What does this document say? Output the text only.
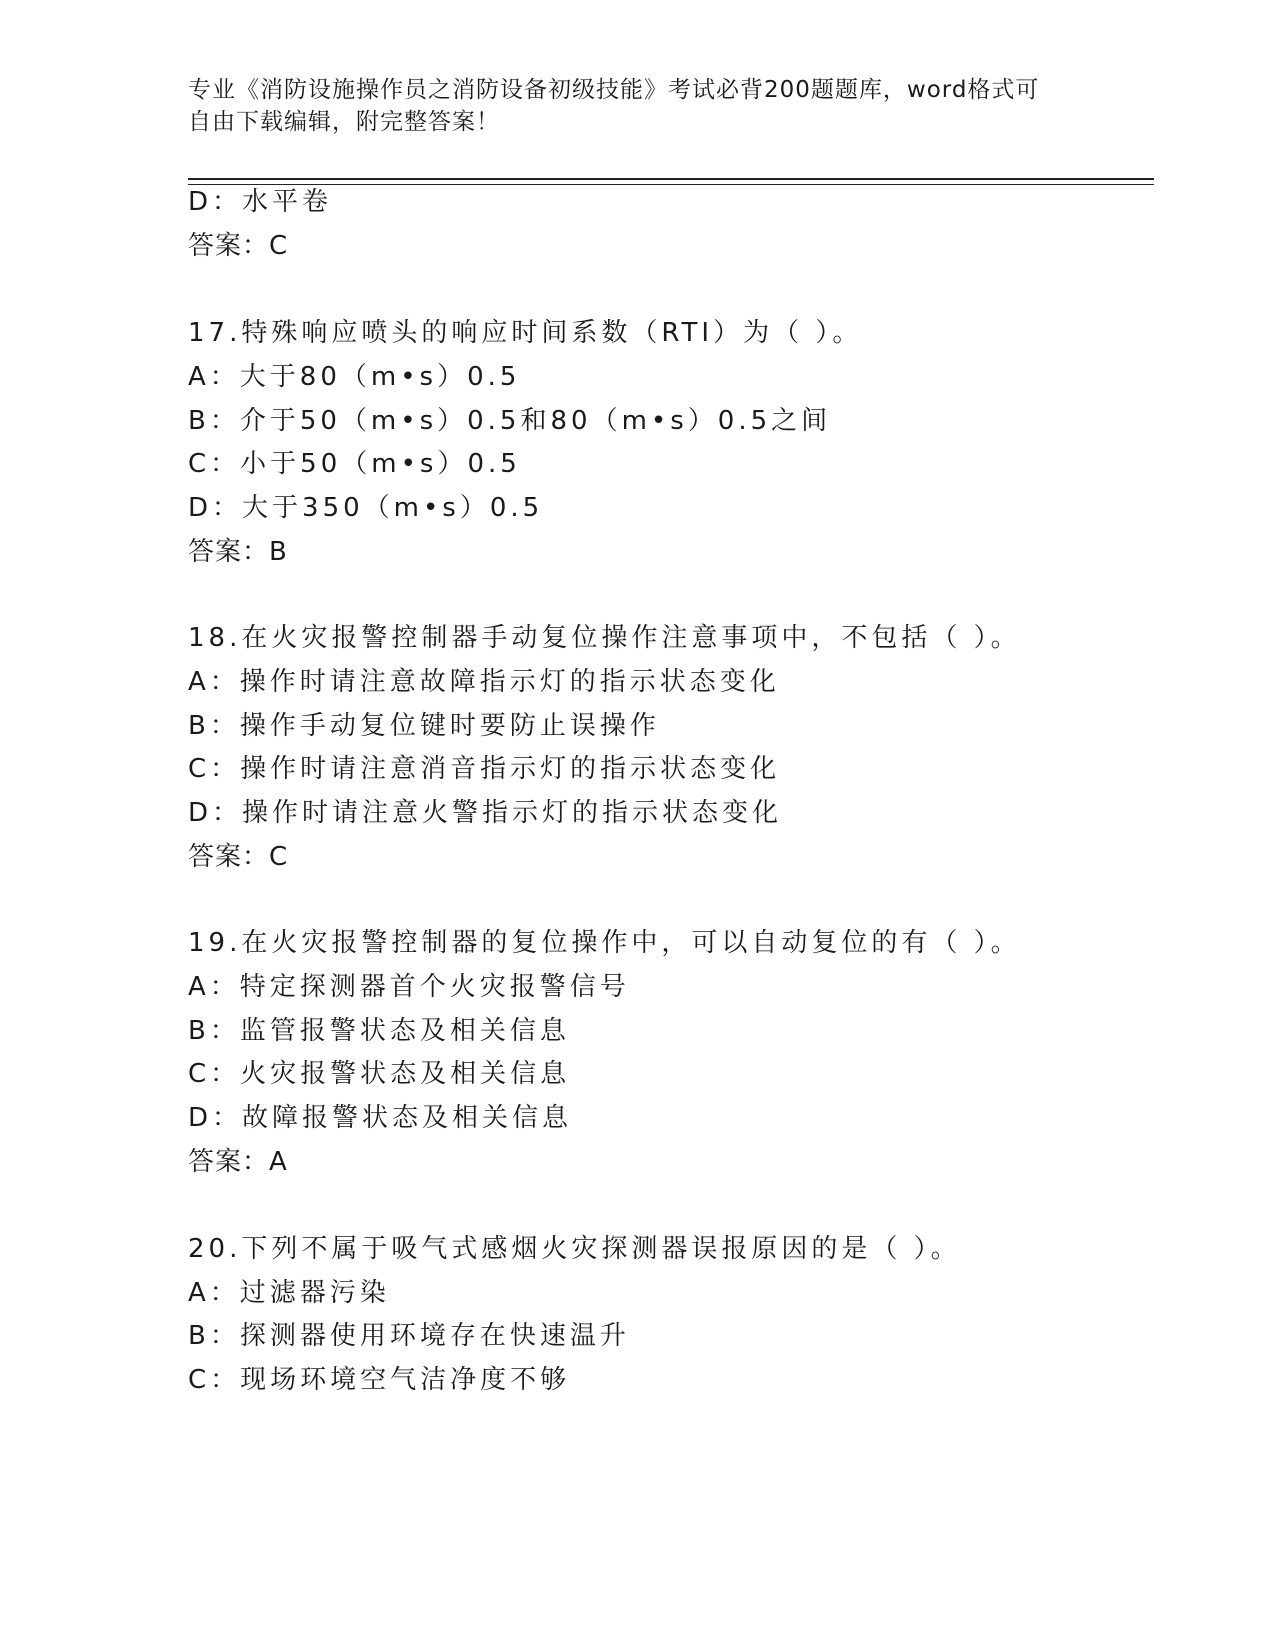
专业《消防设施操作员之消防设备初级技能》考试必背200题题库，word格式可
自由下载编辑，附完整答案！
D：水平卷
答案：C
17.特殊响应喷头的响应时间系数（RTI）为（ ）。
A：大于80（m•s）0.5
B：介于50（m•s）0.5和80（m•s）0.5之间
C：小于50（m•s）0.5
D：大于350（m•s）0.5
答案：B
18.在火灾报警控制器手动复位操作注意事项中，不包括（ ）。
A：操作时请注意故障指示灯的指示状态变化
B：操作手动复位键时要防止误操作
C：操作时请注意消音指示灯的指示状态变化
D：操作时请注意火警指示灯的指示状态变化
答案：C
19.在火灾报警控制器的复位操作中，可以自动复位的有（ ）。
A：特定探测器首个火灾报警信号
B：监管报警状态及相关信息
C：火灾报警状态及相关信息
D：故障报警状态及相关信息
答案：A
20.下列不属于吸气式感烟火灾探测器误报原因的是（ ）。
A：过滤器污染
B：探测器使用环境存在快速温升
C：现场环境空气洁净度不够
